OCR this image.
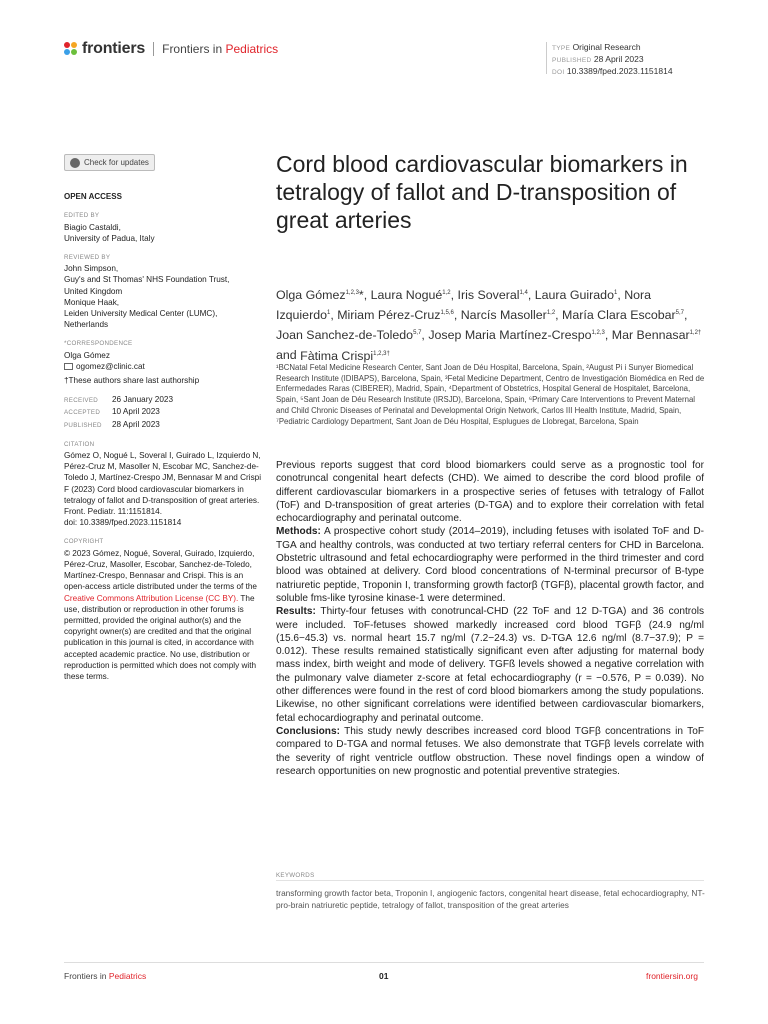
frontiers Frontiers in Pediatrics	TYPE Original Research
PUBLISHED 28 April 2023
DOI 10.3389/fped.2023.1151814
Check for updates
OPEN ACCESS
EDITED BY
Biagio Castaldi,
University of Padua, Italy
REVIEWED BY
John Simpson,
Guy's and St Thomas' NHS Foundation Trust,
United Kingdom
Monique Haak,
Leiden University Medical Center (LUMC),
Netherlands
*CORRESPONDENCE
Olga Gómez
ogomez@clinic.cat
†These authors share last authorship
RECEIVED 26 January 2023
ACCEPTED 10 April 2023
PUBLISHED 28 April 2023
CITATION
Gómez O, Nogué L, Soveral I, Guirado L, Izquierdo N, Pérez-Cruz M, Masoller N, Escobar MC, Sanchez-de-Toledo J, Martínez-Crespo JM, Bennasar M and Crispi F (2023) Cord blood cardiovascular biomarkers in tetralogy of fallot and D-transposition of great arteries.
Front. Pediatr. 11:1151814.
doi: 10.3389/fped.2023.1151814
COPYRIGHT
© 2023 Gómez, Nogué, Soveral, Guirado, Izquierdo, Pérez-Cruz, Masoller, Escobar, Sanchez-de-Toledo, Martínez-Crespo, Bennasar and Crispi. This is an open-access article distributed under the terms of the Creative Commons Attribution License (CC BY). The use, distribution or reproduction in other forums is permitted, provided the original author(s) and the copyright owner(s) are credited and that the original publication in this journal is cited, in accordance with accepted academic practice. No use, distribution or reproduction is permitted which does not comply with these terms.
Cord blood cardiovascular biomarkers in tetralogy of fallot and D-transposition of great arteries
Olga Gómez$^{1,2,3}$*, Laura Nogué$^{1,2}$, Iris Soveral$^{1,4}$, Laura Guirado$^1$, Nora Izquierdo$^1$, Miriam Pérez-Cruz$^{1,5,6}$, Narcís Masoller$^{1,2}$, María Clara Escobar$^{5,7}$, Joan Sanchez-de-Toledo$^{5,7}$, Josep Maria Martínez-Crespo$^{1,2,3}$, Mar Bennasar$^{1,2\dagger}$ and Fàtima Crispi$^{1,2,3\dagger}$
¹BCNatal Fetal Medicine Research Center, Sant Joan de Déu Hospital, Barcelona, Spain, ²August Pi i Sunyer Biomedical Research Institute (IDIBAPS), Barcelona, Spain, ³Fetal Medicine Department, Centro de Investigación Biomédica en Red de Enfermedades Raras (CIBERER), Madrid, Spain, ⁴Department of Obstetrics, Hospital General de Hospitalet, Barcelona, Spain, ⁵Sant Joan de Déu Research Institute (IRSJD), Barcelona, Spain, ⁶Primary Care Interventions to Prevent Maternal and Child Chronic Diseases of Perinatal and Developmental Origin Network, Carlos III Health Institute, Madrid, Spain, ⁷Pediatric Cardiology Department, Sant Joan de Déu Hospital, Esplugues de Llobregat, Barcelona, Spain

Previous reports suggest that cord blood biomarkers could serve as a prognostic tool for conotruncal congenital heart defects (CHD). We aimed to describe the cord blood profile of different cardiovascular biomarkers in a prospective series of fetuses with tetralogy of Fallot (ToF) and D-transposition of great arteries (D-TGA) and to explore their correlation with fetal echocardiography and perinatal outcome.

Methods: A prospective cohort study (2014–2019), including fetuses with isolated ToF and D-TGA and healthy controls, was conducted at two tertiary referral centers for CHD in Barcelona. Obstetric ultrasound and fetal echocardiography were performed in the third trimester and cord blood was obtained at delivery. Cord blood concentrations of N-terminal precursor of B-type natriuretic peptide, Troponin I, transforming growth factorβ (TGFβ), placental growth factor, and soluble fms-like tyrosine kinase-1 were determined.

Results: Thirty-four fetuses with conotruncal-CHD (22 ToF and 12 D-TGA) and 36 controls were included. ToF-fetuses showed markedly increased cord blood TGFβ (24.9 ng/ml (15.6−45.3) vs. normal heart 15.7 ng/ml (7.2−24.3) vs. D-TGA 12.6 ng/ml (8.7−37.9); P = 0.012). These results remained statistically significant even after adjusting for maternal body mass index, birth weight and mode of delivery. TGFß levels showed a negative correlation with the pulmonary valve diameter z-score at fetal echocardiography (r = −0.576, P = 0.039). No other differences were found in the rest of cord blood biomarkers among the study populations. Likewise, no other significant correlations were identified between cardiovascular biomarkers, fetal echocardiography and perinatal outcome.

Conclusions: This study newly describes increased cord blood TGFβ concentrations in ToF compared to D-TGA and normal fetuses. We also demonstrate that TGFβ levels correlate with the severity of right ventricle outflow obstruction. These novel findings open a window of research opportunities on new prognostic and potential preventive strategies.

KEYWORDS
transforming growth factor beta, Troponin I, angiogenic factors, congenital heart disease, fetal echocardiography, NT-pro-brain natriuretic peptide, tetralogy of fallot, transposition of the great arteries
Frontiers in Pediatrics	01	frontiersin.org
